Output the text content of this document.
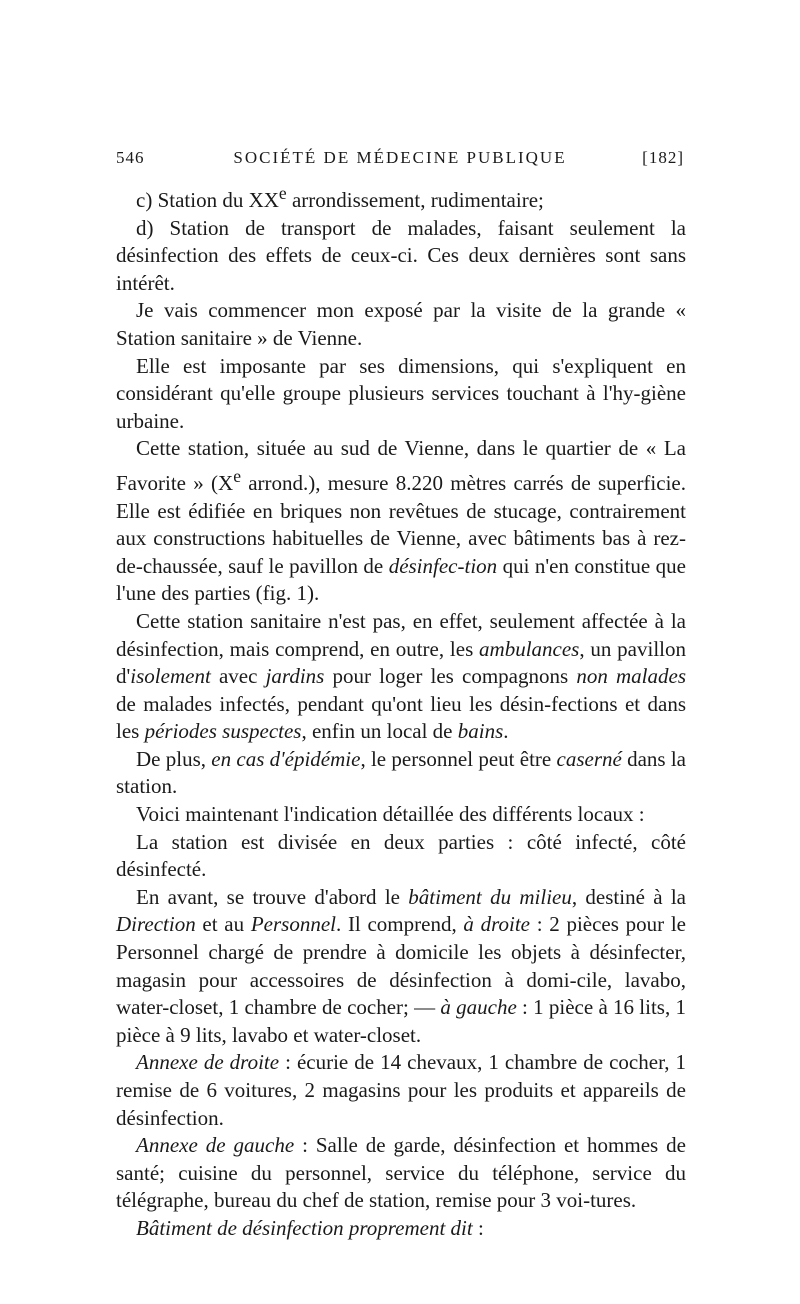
546	SOCIÉTÉ DE MÉDECINE PUBLIQUE	[182]

c) Station du XXe arrondissement, rudimentaire;

d) Station de transport de malades, faisant seulement la désinfection des effets de ceux-ci. Ces deux dernières sont sans intérêt.

Je vais commencer mon exposé par la visite de la grande « Station sanitaire » de Vienne.

Elle est imposante par ses dimensions, qui s'expliquent en considérant qu'elle groupe plusieurs services touchant à l'hy-giène urbaine.

Cette station, située au sud de Vienne, dans le quartier de « La Favorite » (Xe arrond.), mesure 8.220 mètres carrés de superficie. Elle est édifiée en briques non revêtues de stucage, contrairement aux constructions habituelles de Vienne, avec bâtiments bas à rez-de-chaussée, sauf le pavillon de désinfec-tion qui n'en constitue que l'une des parties (fig. 1).

Cette station sanitaire n'est pas, en effet, seulement affectée à la désinfection, mais comprend, en outre, les ambulances, un pavillon d'isolement avec jardins pour loger les compagnons non malades de malades infectés, pendant qu'ont lieu les désin-fections et dans les périodes suspectes, enfin un local de bains.

De plus, en cas d'épidémie, le personnel peut être caserné dans la station.

Voici maintenant l'indication détaillée des différents locaux :

La station est divisée en deux parties : côté infecté, côté désinfecté.

En avant, se trouve d'abord le bâtiment du milieu, destiné à la Direction et au Personnel. Il comprend, à droite : 2 pièces pour le Personnel chargé de prendre à domicile les objets à désinfecter, magasin pour accessoires de désinfection à domi-cile, lavabo, water-closet, 1 chambre de cocher; — à gauche : 1 pièce à 16 lits, 1 pièce à 9 lits, lavabo et water-closet.

Annexe de droite : écurie de 14 chevaux, 1 chambre de cocher, 1 remise de 6 voitures, 2 magasins pour les produits et appareils de désinfection.

Annexe de gauche : Salle de garde, désinfection et hommes de santé; cuisine du personnel, service du téléphone, service du télégraphe, bureau du chef de station, remise pour 3 voi-tures.

Bâtiment de désinfection proprement dit :
